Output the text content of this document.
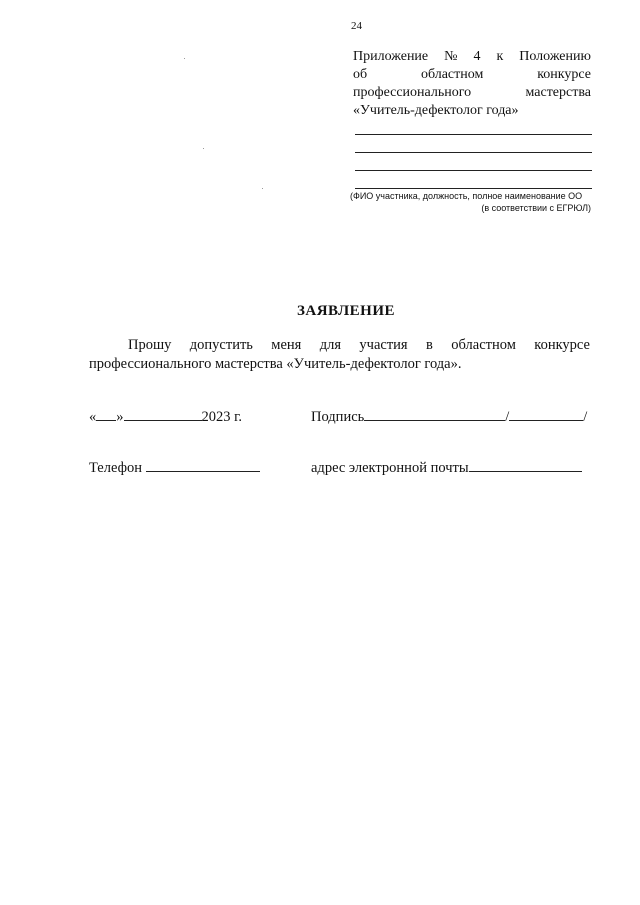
24
Приложение № 4 к Положению
об	областном	конкурсе
профессионального	мастерства
«Учитель-дефектолог года»
(ФИО участника, должность, полное наименование ОО
(в соответствии с ЕГРЮЛ)
ЗАЯВЛЕНИЕ
Прошу допустить меня для участия в областном конкурсе
профессионального мастерства «Учитель-дефектолог года».
« »	2023 г.	Подпись	/	/
Телефон	адрес электронной почты
